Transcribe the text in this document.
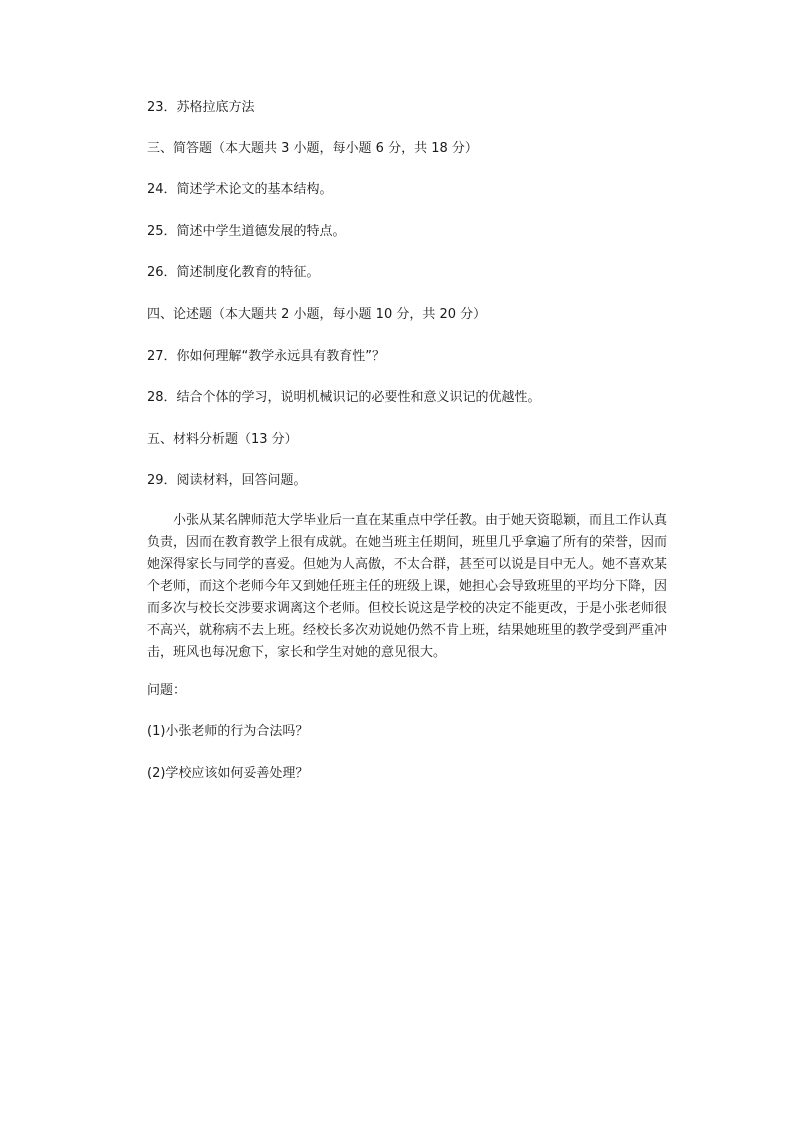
23．苏格拉底方法
三、简答题（本大题共 3 小题，每小题 6 分，共 18 分）
24．简述学术论文的基本结构。
25．简述中学生道德发展的特点。
26．简述制度化教育的特征。
四、论述题（本大题共 2 小题，每小题 10 分，共 20 分）
27．你如何理解“教学永远具有教育性”？
28．结合个体的学习，说明机械识记的必要性和意义识记的优越性。
五、材料分析题（13 分）
29．阅读材料，回答问题。
小张从某名牌师范大学毕业后一直在某重点中学任教。由于她天资聪颖，而且工作认真负责，因而在教育教学上很有成就。在她当班主任期间，班里几乎拿遍了所有的荣誉，因而她深得家长与同学的喜爱。但她为人高傲，不太合群，甚至可以说是目中无人。她不喜欢某个老师，而这个老师今年又到她任班主任的班级上课，她担心会导致班里的平均分下降，因而多次与校长交涉要求调离这个老师。但校长说这是学校的决定不能更改，于是小张老师很不高兴，就称病不去上班。经校长多次劝说她仍然不肯上班，结果她班里的教学受到严重冲击，班风也每况愈下，家长和学生对她的意见很大。
问题：
(1)小张老师的行为合法吗？
(2)学校应该如何妥善处理？
